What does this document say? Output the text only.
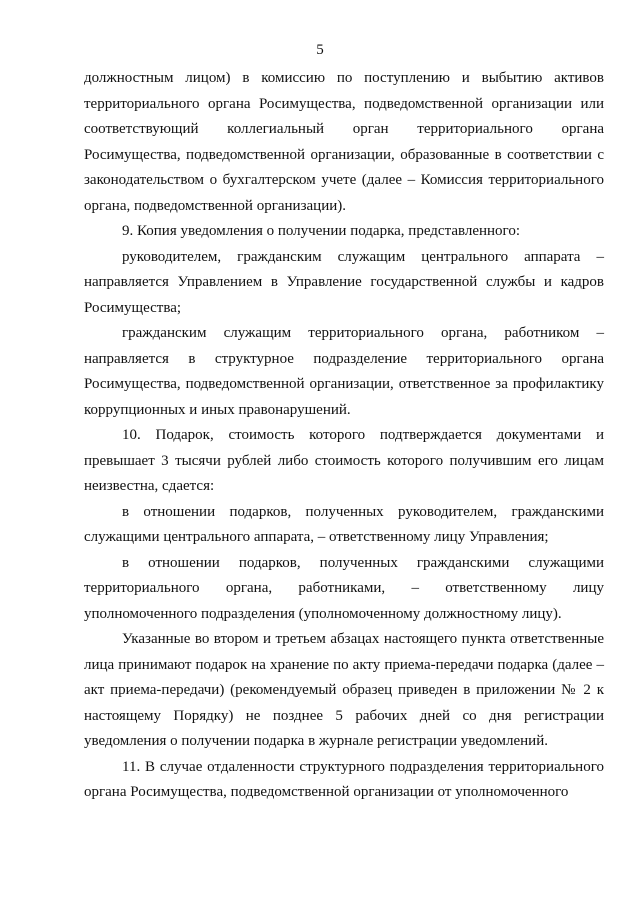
5

должностным лицом) в комиссию по поступлению и выбытию активов территориального органа Росимущества, подведомственной организации или соответствующий коллегиальный орган территориального органа Росимущества, подведомственной организации, образованные в соответствии с законодательством о бухгалтерском учете (далее – Комиссия территориального органа, подведомственной организации).

9. Копия уведомления о получении подарка, представленного:

руководителем, гражданским служащим центрального аппарата – направляется Управлением в Управление государственной службы и кадров Росимущества;

гражданским служащим территориального органа, работником – направляется в структурное подразделение территориального органа Росимущества, подведомственной организации, ответственное за профилактику коррупционных и иных правонарушений.

10. Подарок, стоимость которого подтверждается документами и превышает 3 тысячи рублей либо стоимость которого получившим его лицам неизвестна, сдается:

в отношении подарков, полученных руководителем, гражданскими служащими центрального аппарата, – ответственному лицу Управления;

в отношении подарков, полученных гражданскими служащими территориального органа, работниками, – ответственному лицу уполномоченного подразделения (уполномоченному должностному лицу).

Указанные во втором и третьем абзацах настоящего пункта ответственные лица принимают подарок на хранение по акту приема-передачи подарка (далее – акт приема-передачи) (рекомендуемый образец приведен в приложении № 2 к настоящему Порядку) не позднее 5 рабочих дней со дня регистрации уведомления о получении подарка в журнале регистрации уведомлений.

11. В случае отдаленности структурного подразделения территориального органа Росимущества, подведомственной организации от уполномоченного
